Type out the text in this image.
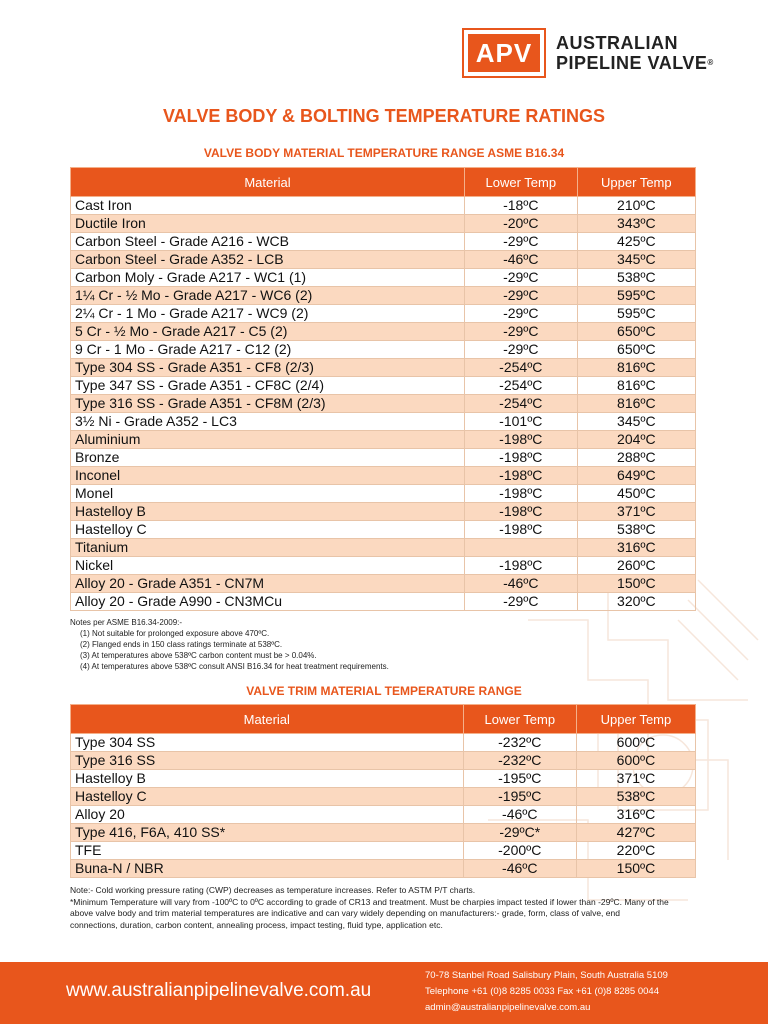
APV	AUSTRALIAN
PIPELINE VALVE®
VALVE BODY & BOLTING TEMPERATURE RATINGS
VALVE BODY MATERIAL TEMPERATURE RANGE ASME B16.34
Material	Lower Temp	Upper Temp
Cast Iron	-18ºC	210ºC
Ductile Iron	-20ºC	343ºC
Carbon Steel - Grade A216 - WCB	-29ºC	425ºC
Carbon Steel - Grade A352 - LCB	-46ºC	345ºC
Carbon Moly - Grade A217 - WC1 (1)	-29ºC	538ºC
1¼ Cr - ½ Mo - Grade A217 - WC6 (2)	-29ºC	595ºC
2¼ Cr - 1 Mo - Grade A217 - WC9 (2)	-29ºC	595ºC
5 Cr - ½ Mo - Grade A217 - C5 (2)	-29ºC	650ºC
9 Cr - 1 Mo - Grade A217 - C12 (2)	-29ºC	650ºC
Type 304 SS - Grade A351 - CF8 (2/3)	-254ºC	816ºC
Type 347 SS - Grade A351 - CF8C (2/4)	-254ºC	816ºC
Type 316 SS - Grade A351 - CF8M (2/3)	-254ºC	816ºC
3½ Ni - Grade A352 - LC3	-101ºC	345ºC
Aluminium	-198ºC	204ºC
Bronze	-198ºC	288ºC
Inconel	-198ºC	649ºC
Monel	-198ºC	450ºC
Hastelloy B	-198ºC	371ºC
Hastelloy C	-198ºC	538ºC
Titanium		316ºC
Nickel	-198ºC	260ºC
Alloy 20 - Grade A351 - CN7M	-46ºC	150ºC
Alloy 20 - Grade A990 - CN3MCu	-29ºC	320ºC
Notes per ASME B16.34-2009:-
(1) Not suitable for prolonged exposure above 470ºC.
(2) Flanged ends in 150 class ratings terminate at 538ºC.
(3) At temperatures above 538ºC carbon content must be > 0.04%.
(4) At temperatures above 538ºC consult ANSI B16.34 for heat treatment requirements.
VALVE TRIM MATERIAL TEMPERATURE RANGE
Material	Lower Temp	Upper Temp
Type 304 SS	-232ºC	600ºC
Type 316 SS	-232ºC	600ºC
Hastelloy B	-195ºC	371ºC
Hastelloy C	-195ºC	538ºC
Alloy 20	-46ºC	316ºC
Type 416, F6A, 410 SS*	-29ºC*	427ºC
TFE	-200ºC	220ºC
Buna-N / NBR	-46ºC	150ºC
Note:- Cold working pressure rating (CWP) decreases as temperature increases. Refer to ASTM P/T charts.
*Minimum Temperature will vary from -100ºC to 0ºC according to grade of CR13 and treatment. Must be charpies impact tested if lower than -29ºC. Many of the above valve body and trim material temperatures are indicative and can vary widely depending on manufacturers:- grade, form, class of valve, end connections, duration, carbon content, annealing process, impact testing, fluid type, application etc.
www.australianpipelinevalve.com.au
70-78 Stanbel Road Salisbury Plain, South Australia 5109
Telephone +61 (0)8 8285 0033 Fax +61 (0)8 8285 0044
admin@australianpipelinevalve.com.au
